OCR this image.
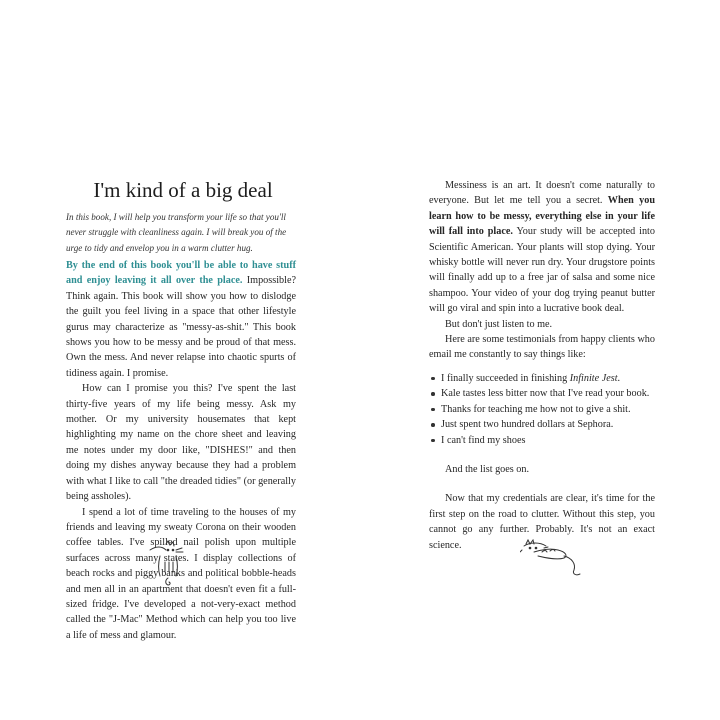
I'm kind of a big deal

In this book, I will help you transform your life so that you'll never struggle with cleanliness again. I will break you of the urge to tidy and envelop you in a warm clutter hug.

By the end of this book you'll be able to have stuff and enjoy leaving it all over the place. Impossible? Think again. This book will show you how to dislodge the guilt you feel living in a space that other lifestyle gurus may characterize as "messy-as-shit." This book shows you how to be messy and be proud of that mess. Own the mess. And never relapse into chaotic spurts of tidiness again. I promise.

How can I promise you this? I've spent the last thirty-five years of my life being messy. Ask my mother. Or my university housemates that kept highlighting my name on the chore sheet and leaving me notes under my door like, "DISHES!" and then doing my dishes anyway because they had a problem with what I like to call "the dreaded tidies" (or generally being assholes).

I spend a lot of time traveling to the houses of my friends and leaving my sweaty Corona on their wooden coffee tables. I've spilled nail polish upon multiple surfaces across many states. I display collections of beach rocks and piggy banks and political bobble-heads and men all in an apartment that doesn't even fit a full-sized fridge. I've developed a not-very-exact method called the "J-Mac" Method which can help you too live a life of mess and glamour.

Messiness is an art. It doesn't come naturally to everyone. But let me tell you a secret. When you learn how to be messy, everything else in your life will fall into place. Your study will be accepted into Scientific American. Your plants will stop dying. Your whisky bottle will never run dry. Your drugstore points will finally add up to a free jar of salsa and some nice shampoo. Your video of your dog trying peanut butter will go viral and spin into a lucrative book deal.

But don't just listen to me.

Here are some testimonials from happy clients who email me constantly to say things like:

I finally succeeded in finishing Infinite Jest.
Kale tastes less bitter now that I've read your book.
Thanks for teaching me how not to give a shit.
Just spent two hundred dollars at Sephora.
I can't find my shoes

And the list goes on.

Now that my credentials are clear, it's time for the first step on the road to clutter. Without this step, you cannot go any further. Probably. It's not an exact science.
